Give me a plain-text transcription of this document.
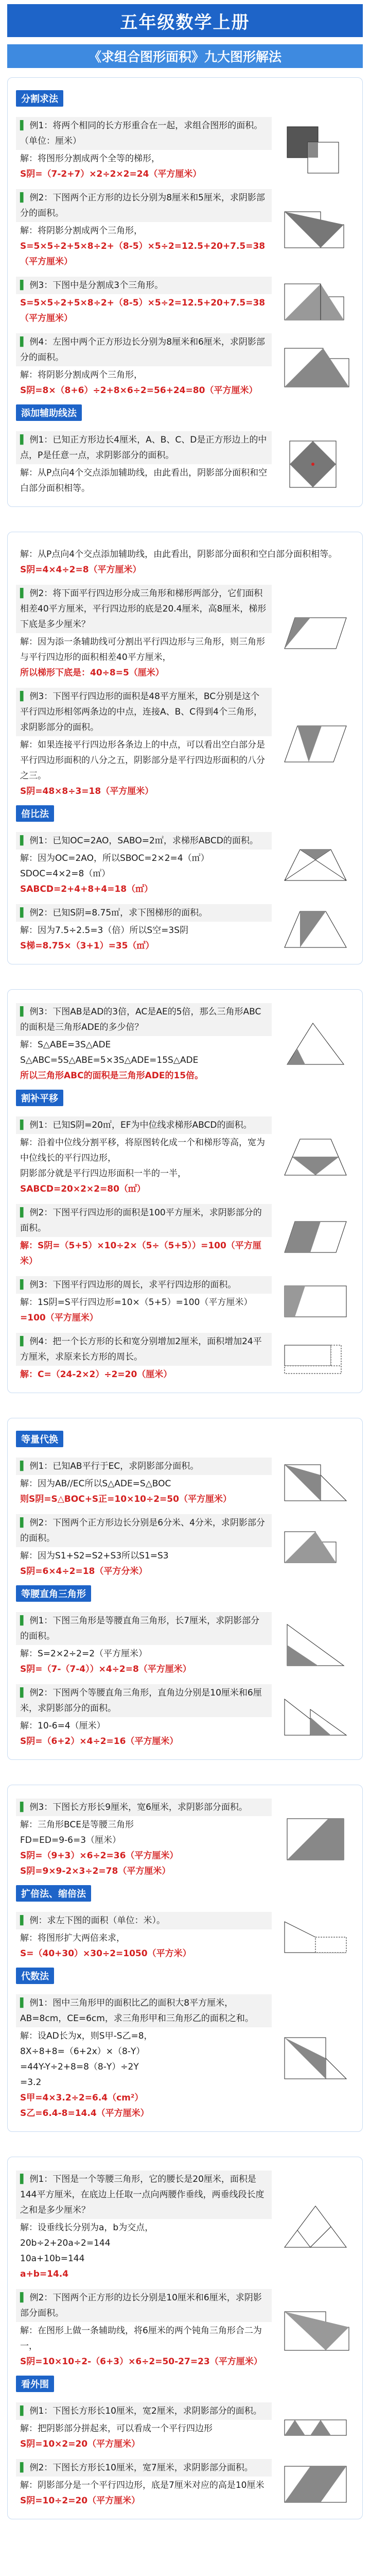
五年级数学上册
《求组合图形面积》九大图形解法
分割求法
▌ 例1：将两个相同的长方形重合在一起，求组合图形的面积。（单位：厘米）
解：将图形分割成两个全等的梯形，
S阴=（7-2+7）×2÷2×2=24（平方厘米）
▌ 例2：下图两个正方形的边长分别为8厘米和5厘米，求阴影部分的面积。
解：将阴影分割成两个三角形，
S=5×5÷2+5×8÷2+（8-5）×5÷2=12.5+20+7.5=38（平方厘米）
▌ 例3：下图中是分割成3个三角形。
S=5×5÷2+5×8÷2+（8-5）×5÷2=12.5+20+7.5=38（平方厘米）
▌ 例4：左图中两个正方形边长分别为8厘米和6厘米，求阴影部分的面积。
解：将阴影分割成两个三角形，
S阴=8×（8+6）÷2+8×6÷2=56+24=80（平方厘米）
添加辅助线法
▌ 例1：已知正方形边长4厘米，A、B、C、D是正方形边上的中点，P是任意一点，求阴影部分的面积。
解：从P点向4个交点添加辅助线，由此看出，阴影部分面积和空白部分面积相等。
解：从P点向4个交点添加辅助线，由此看出，阴影部分面积和空白部分面积相等。
S阴=4×4÷2=8（平方厘米）
▌ 例2：将下面平行四边形分成三角形和梯形两部分，它们面积相差40平方厘米，平行四边形的底是20.4厘米，高8厘米，梯形下底是多少厘米？
解：因为添一条辅助线可分割出平行四边形与三角形，则三角形与平行四边形的面积相差40平方厘米，
所以梯形下底是：40÷8=5（厘米）
▌ 例3：下图平行四边形的面积是48平方厘米，BC分别是这个平行四边形相邻两条边的中点，连接A、B、C得到4个三角形，求阴影部分的面积。
解：如果连接平行四边形各条边上的中点，可以看出空白部分是平行四边形面积的八分之五，阴影部分是平行四边形面积的八分之三。
S阴=48×8÷3=18（平方厘米）
倍比法
▌ 例1：已知OC=2AO，SABO=2㎡，求梯形ABCD的面积。
解：因为OC=2AO，所以SBOC=2×2=4（㎡）SDOC=4×2=8（㎡）
SABCD=2+4+8+4=18（㎡）
▌ 例2：已知S阴=8.75㎡，求下图梯形的面积。
解：因为7.5÷2.5=3（倍）所以S空=3S阴
S梯=8.75×（3+1）=35（㎡）
▌ 例3：下图AB是AD的3倍，AC是AE的5倍，那么三角形ABC的面积是三角形ADE的多少倍？
解：S△ABE=3S△ADE
S△ABC=5S△ABE=5×3S△ADE=15S△ADE
所以三角形ABC的面积是三角形ADE的15倍。
割补平移
▌ 例1：已知S阴=20㎡，EF为中位线求梯形ABCD的面积。
解：沿着中位线分割平移，将原图转化成一个和梯形等高，宽为中位线长的平行四边形，
阴影部分就是平行四边形面积一半的一半，
SABCD=20×2×2=80（㎡）
▌ 例2：下图平行四边形的面积是100平方厘米，求阴影部分的面积。
解：S阴=（5+5）×10÷2×（5÷（5+5））=100（平方厘米）
▌ 例3：下图平行四边形的周长，求平行四边形的面积。
解：1S阴=S平行四边形=10×（5+5）=100（平方厘米）
=100（平方厘米）
▌ 例4：把一个长方形的长和宽分别增加2厘米，面积增加24平方厘米，求原来长方形的周长。
解：C=（24-2×2）÷2=20（厘米）
等量代换
▌ 例1：已知AB平行于EC，求阴影部分面积。
解：因为AB//EC所以S△ADE=S△BOC
则S阴=S△BOC+S正=10×10÷2=50（平方厘米）
▌ 例2：下图两个正方形边长分别是6分米、4分米，求阴影部分的面积。
解：因为S1+S2=S2+S3所以S1=S3
S阴=6×4÷2=18（平方分米）
等腰直角三角形
▌ 例1：下图三角形是等腰直角三角形，长7厘米，求阴影部分的面积。
解：S=2×2÷2=2（平方厘米）
S阴=（7-（7-4））×4÷2=8（平方厘米）
▌ 例2：下图两个等腰直角三角形，直角边分别是10厘米和6厘米，求阴影部分的面积。
解：10-6=4（厘米）
S阴=（6+2）×4÷2=16（平方厘米）
▌ 例3：下图长方形长9厘米，宽6厘米，求阴影部分面积。
解：三角形BCE是等腰三角形
FD=ED=9-6=3（厘米）
S阴=（9+3）×6÷2=36（平方厘米）
S阴=9×9-2×3÷2=78（平方厘米）
扩倍法、缩倍法
▌ 例：求左下图的面积（单位：米）。
解：将图形扩大两倍来求，
S=（40+30）×30÷2=1050（平方米）
代数法
▌ 例1：图中三角形甲的面积比乙的面积大8平方厘米，AB=8cm，CE=6cm，求三角形甲和三角形乙的面积之和。
解：设AD长为x，则S甲-S乙=8，
8X÷8+8=（6+2x）×（8-Y）
=44Y-Y÷2+8=8（8-Y）÷2Y
=3.2
S甲=4×3.2÷2=6.4（cm²）
S乙=6.4-8=14.4（平方厘米）
▌ 例1：下图是一个等腰三角形，它的腰长是20厘米，面积是144平方厘米，在底边上任取一点向两腰作垂线，两垂线段长度之和是多少厘米？
解：设垂线长分别为a，b为交点，
20b÷2+20a÷2=144
10a+10b=144
a+b=14.4
▌ 例2：下图两个正方形的边长分别是10厘米和6厘米，求阴影部分面积。
解：在图形上做一条辅助线，将6厘米的两个钝角三角形合二为一，
S阴=10×10÷2-（6+3）×6÷2=50-27=23（平方厘米）
看外围
▌ 例1：下图长方形长10厘米，宽2厘米，求阴影部分的面积。
解：把阴影部分拼起来，可以看成一个平行四边形
S阴=10×2=20（平方厘米）
▌ 例2：下图长方形长10厘米，宽7厘米，求阴影部分面积。
解：阴影部分是一个平行四边形，底是7厘米对应的高是10厘米
S阴=10÷2=20（平方厘米）
